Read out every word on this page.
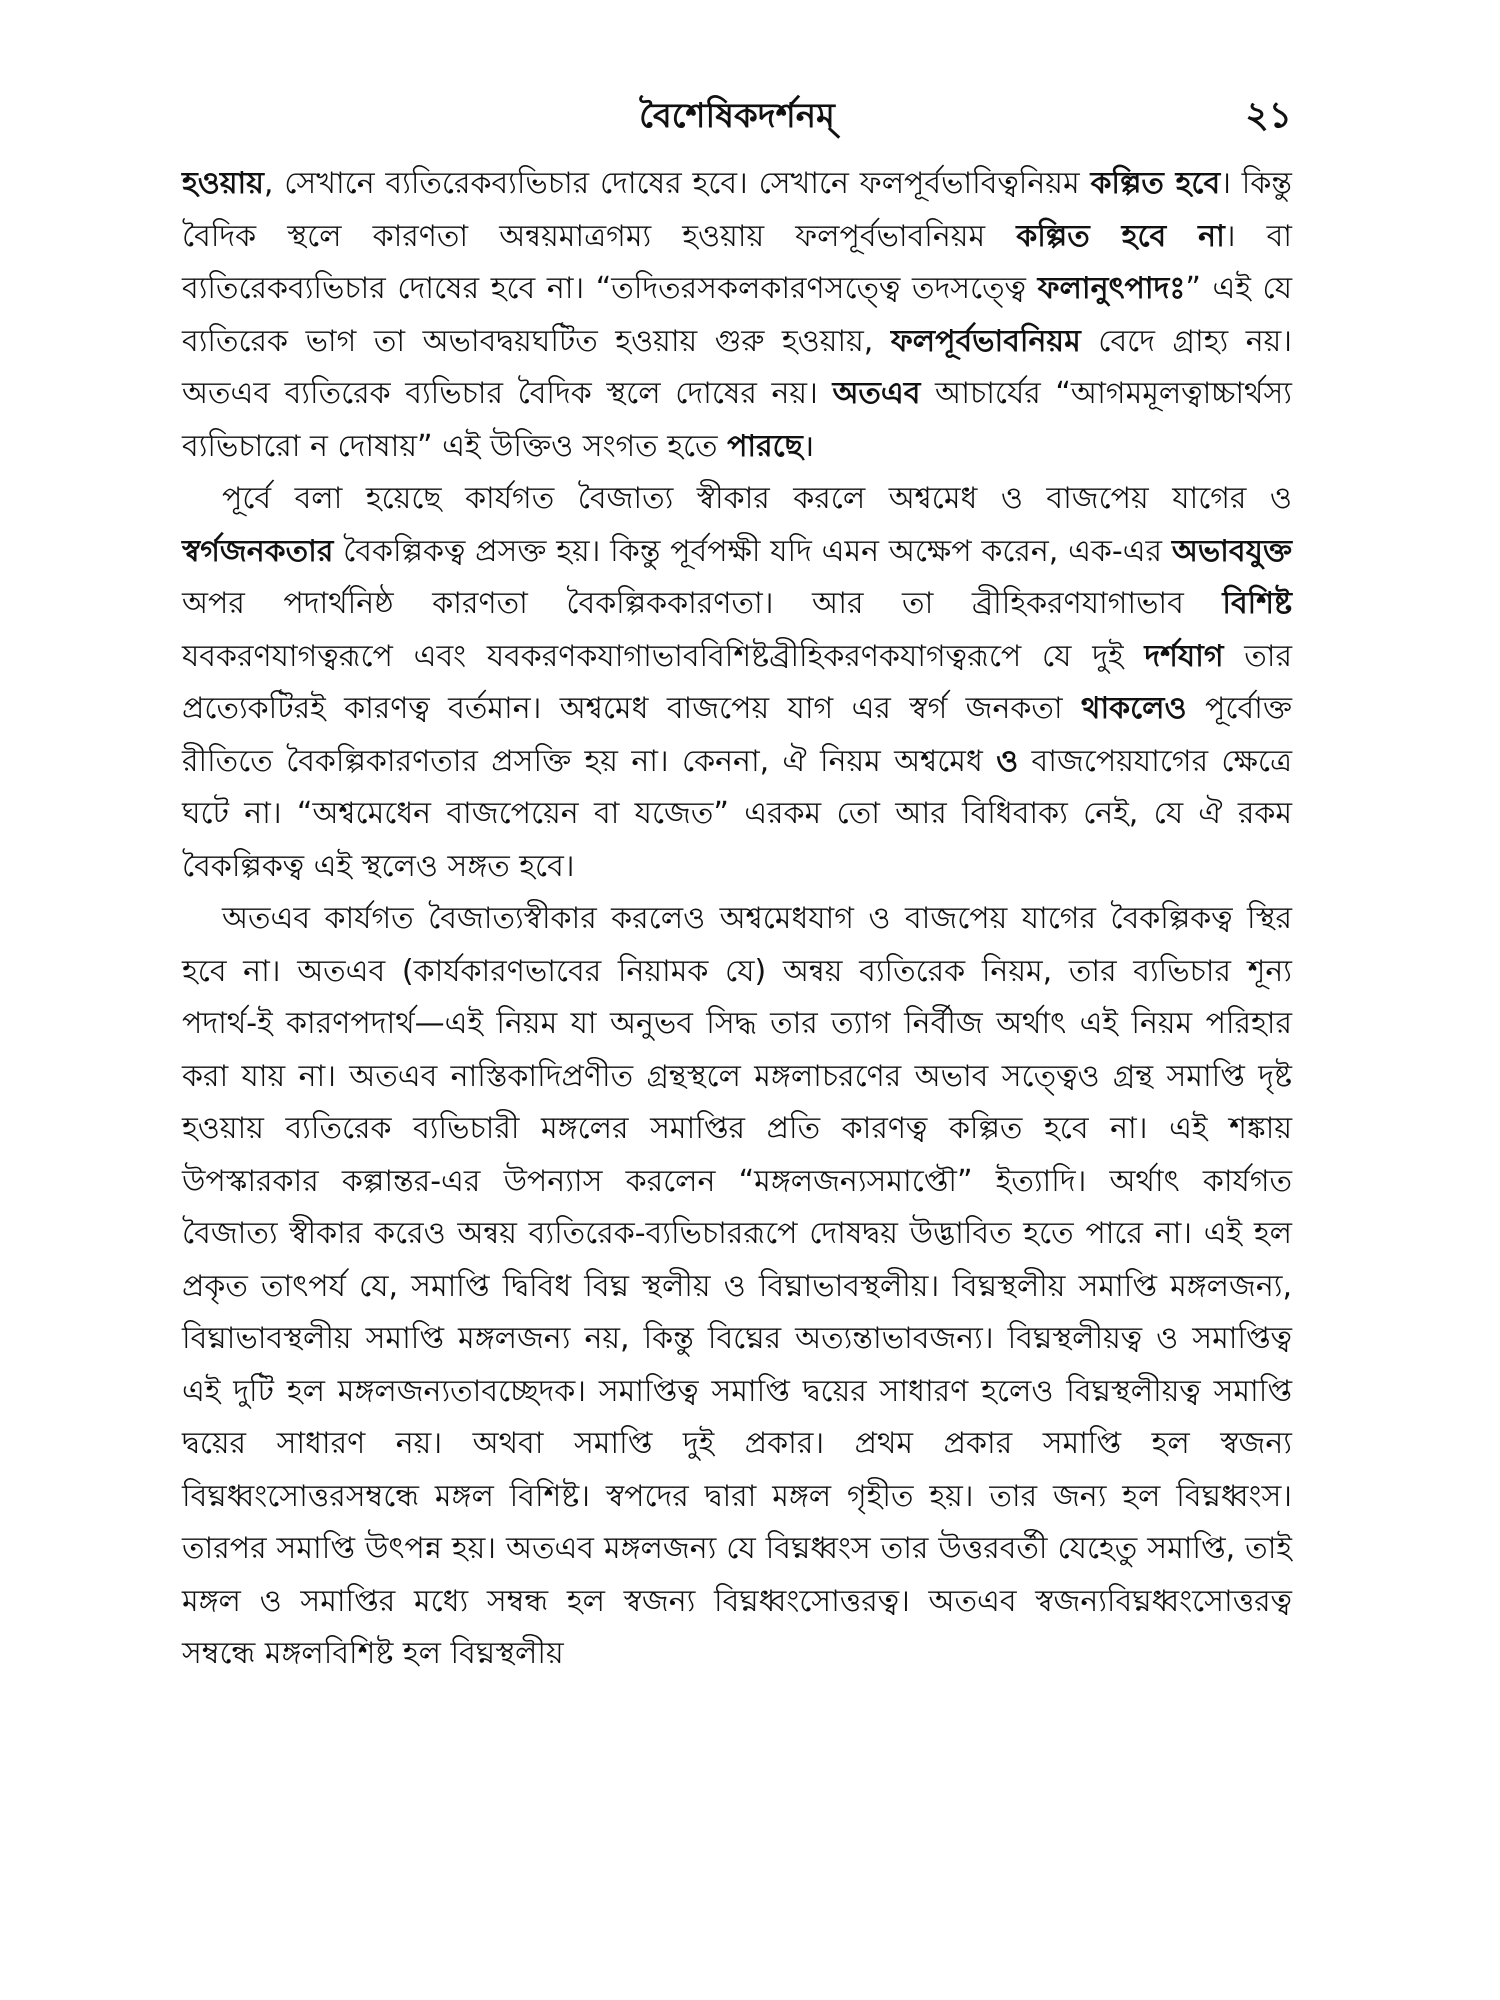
বৈশেষিকদর্শনম্	২১

হওয়ায়, সেখানে ব্যতিরেকব্যভিচার দোষের হবে। সেখানে ফলপূর্বভাবিত্বনিয়ম কল্পিত হবে। কিন্তু বৈদিক স্থলে কারণতা অন্বয়মাত্রগম্য হওয়ায় ফলপূর্বভাবনিয়ম কল্পিত হবে না। বা ব্যতিরেকব্যভিচার দোষের হবে না। “তদিতরসকলকারণসত্ত্বে তদসত্ত্বে ফলানুৎপাদঃ” এই যে ব্যতিরেক ভাগ তা অভাবদ্বয়ঘটিত হওয়ায় গুরু হওয়ায়, ফলপূর্বভাবনিয়ম বেদে গ্রাহ্য নয়। অতএব ব্যতিরেক ব্যভিচার বৈদিক স্থলে দোষের নয়। অতএব আচার্যের “আগমমূলত্বাচ্চার্থস্য ব্যভিচারো ন দোষায়” এই উক্তিও সংগত হতে পারছে।

পূর্বে বলা হয়েছে কার্যগত বৈজাত্য স্বীকার করলে অশ্বমেধ ও বাজপেয় যাগের ও স্বর্গজনকতার বৈকল্পিকত্ব প্রসক্ত হয়। কিন্তু পূর্বপক্ষী যদি এমন অক্ষেপ করেন, এক-এর অভাবযুক্ত অপর পদার্থনিষ্ঠ কারণতা বৈকল্পিককারণতা। আর তা ব্রীহিকরণযাগাভাব বিশিষ্ট যবকরণযাগত্বরূপে এবং যবকরণকযাগাভাববিশিষ্টব্রীহিকরণকযাগত্বরূপে যে দুই দর্শযাগ তার প্রত্যেকটিরই কারণত্ব বর্তমান। অশ্বমেধ বাজপেয় যাগ এর স্বর্গ জনকতা থাকলেও পূর্বোক্ত রীতিতে বৈকল্পিকারণতার প্রসক্তি হয় না। কেননা, ঐ নিয়ম অশ্বমেধ ও বাজপেয়যাগের ক্ষেত্রে ঘটে না। “অশ্বমেধেন বাজপেয়েন বা যজেত” এরকম তো আর বিধিবাক্য নেই, যে ঐ রকম বৈকল্পিকত্ব এই স্থলেও সঙ্গত হবে।

অতএব কার্যগত বৈজাত্যস্বীকার করলেও অশ্বমেধযাগ ও বাজপেয় যাগের বৈকল্পিকত্ব স্থির হবে না। অতএব (কার্যকারণভাবের নিয়ামক যে) অন্বয় ব্যতিরেক নিয়ম, তার ব্যভিচার শূন্য পদার্থ-ই কারণপদার্থ—এই নিয়ম যা অনুভব সিদ্ধ তার ত্যাগ নির্বীজ অর্থাৎ এই নিয়ম পরিহার করা যায় না। অতএব নাস্তিকাদিপ্রণীত গ্রন্থস্থলে মঙ্গলাচরণের অভাব সত্ত্বেও গ্রন্থ সমাপ্তি দৃষ্ট হওয়ায় ব্যতিরেক ব্যভিচারী মঙ্গলের সমাপ্তির প্রতি কারণত্ব কল্পিত হবে না। এই শঙ্কায় উপস্কারকার কল্পান্তর-এর উপন্যাস করলেন “মঙ্গলজন্যসমাপ্তৌ” ইত্যাদি। অর্থাৎ কার্যগত বৈজাত্য স্বীকার করেও অন্বয় ব্যতিরেক-ব্যভিচাররূপে দোষদ্বয় উদ্ভাবিত হতে পারে না। এই হল প্রকৃত তাৎপর্য যে, সমাপ্তি দ্বিবিধ বিঘ্ন স্থলীয় ও বিঘ্নাভাবস্থলীয়। বিঘ্নস্থলীয় সমাপ্তি মঙ্গলজন্য, বিঘ্নাভাবস্থলীয় সমাপ্তি মঙ্গলজন্য নয়, কিন্তু বিঘ্নের অত্যন্তাভাবজন্য। বিঘ্নস্থলীয়ত্ব ও সমাপ্তিত্ব এই দুটি হল মঙ্গলজন্যতাবচ্ছেদক। সমাপ্তিত্ব সমাপ্তি দ্বয়ের সাধারণ হলেও বিঘ্নস্থলীয়ত্ব সমাপ্তি দ্বয়ের সাধারণ নয়। অথবা সমাপ্তি দুই প্রকার। প্রথম প্রকার সমাপ্তি হল স্বজন্য বিঘ্নধ্বংসোত্তরসম্বন্ধে মঙ্গল বিশিষ্ট। স্বপদের দ্বারা মঙ্গল গৃহীত হয়। তার জন্য হল বিঘ্নধ্বংস। তারপর সমাপ্তি উৎপন্ন হয়। অতএব মঙ্গলজন্য যে বিঘ্নধ্বংস তার উত্তরবর্তী যেহেতু সমাপ্তি, তাই মঙ্গল ও সমাপ্তির মধ্যে সম্বন্ধ হল স্বজন্য বিঘ্নধ্বংসোত্তরত্ব। অতএব স্বজন্যবিঘ্নধ্বংসোত্তরত্ব সম্বন্ধে মঙ্গলবিশিষ্ট হল বিঘ্নস্থলীয়
